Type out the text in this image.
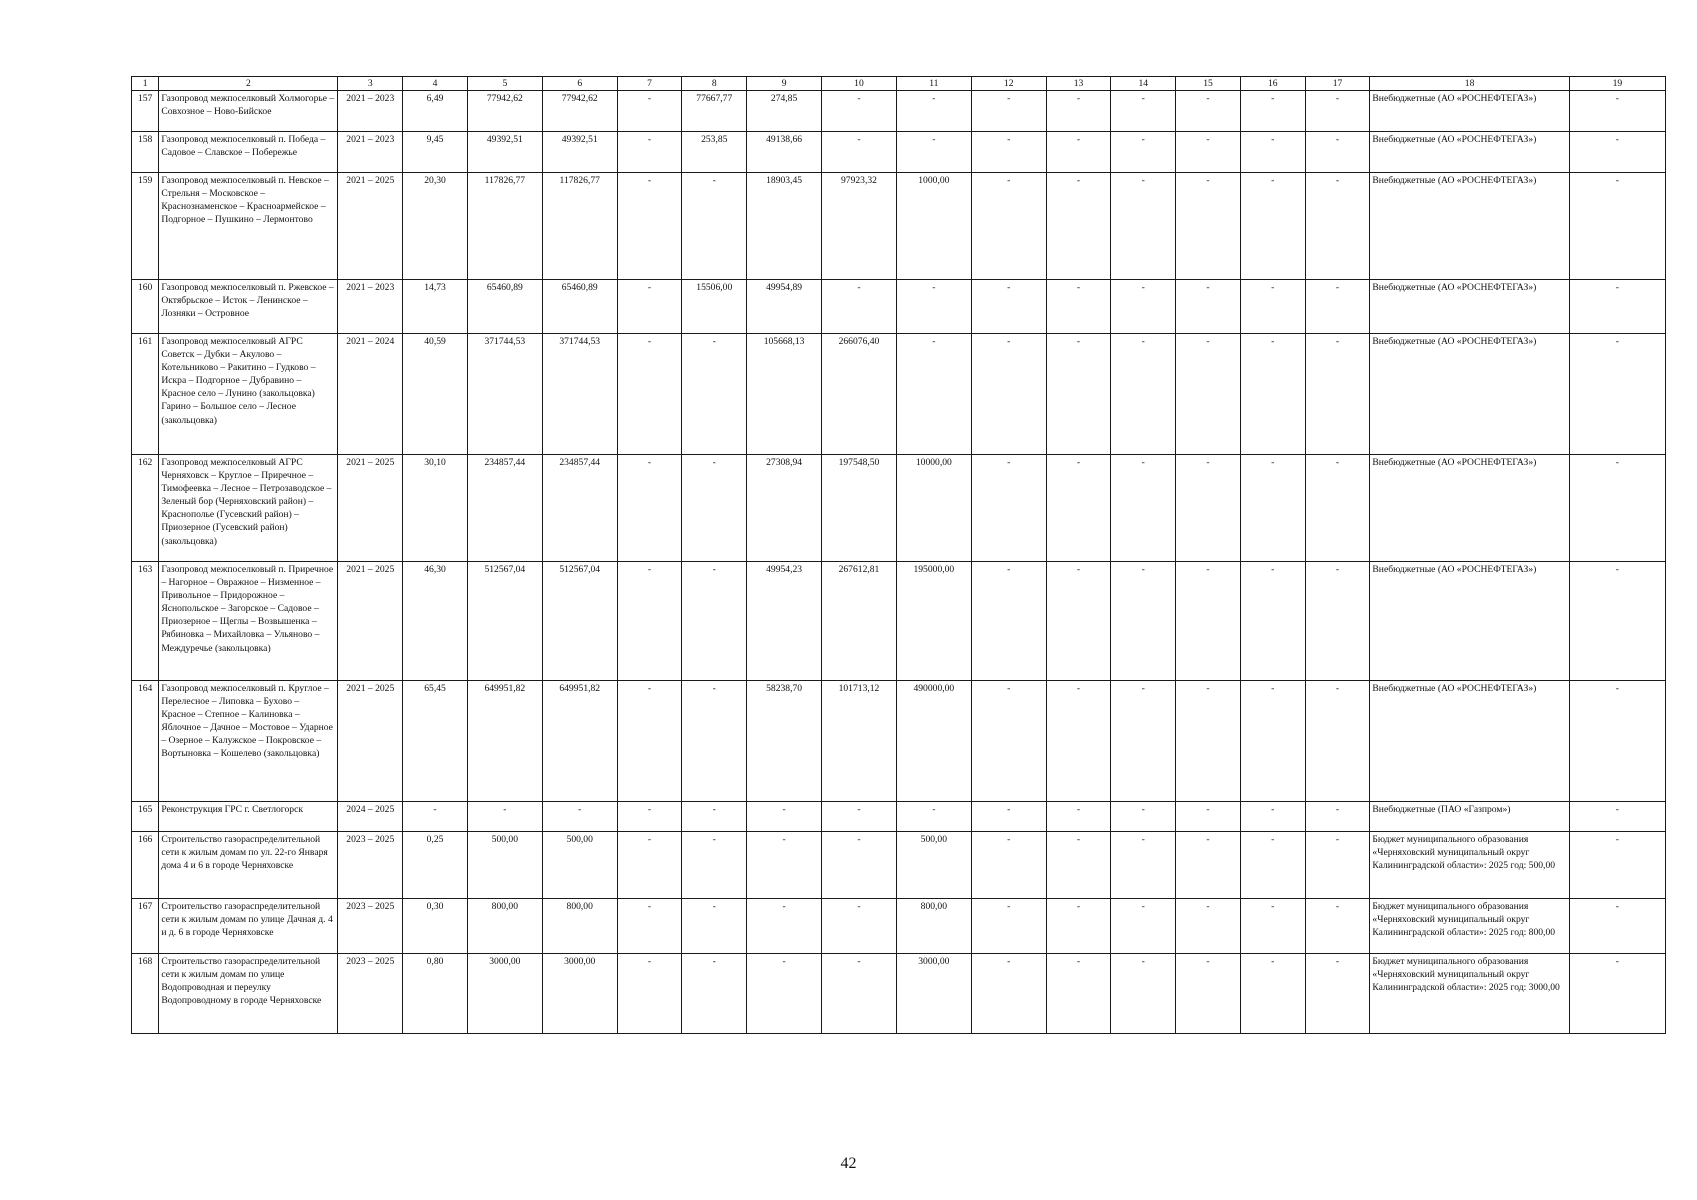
1	2	3	4	5	6	7	8	9	10	11	12	13	14	15	16	17	18	19
157	Газопровод межпоселковый Холмогорье – Совхозное – Ново-Бийское	2021 – 2023	6,49	77942,62	77942,62	-	77667,77	274,85	-	-	-	-	-	-	-	-	Внебюджетные (АО «РОСНЕФТЕГАЗ»)	-
158	Газопровод межпоселковый п. Победа – Садовое – Славское – Побережье	2021 – 2023	9,45	49392,51	49392,51	-	253,85	49138,66	-	-	-	-	-	-	-	-	Внебюджетные (АО «РОСНЕФТЕГАЗ»)	-
159	Газопровод межпоселковый п. Невское – Стрельня – Московское – Краснознаменское – Красноармейское – Подгорное – Пушкино – Лермонтово	2021 – 2025	20,30	117826,77	117826,77	-	-	18903,45	97923,32	1000,00	-	-	-	-	-	-	Внебюджетные (АО «РОСНЕФТЕГАЗ»)	-
160	Газопровод межпоселковый п. Ржевское – Октябрьское – Исток – Ленинское – Лозняки – Островное	2021 – 2023	14,73	65460,89	65460,89	-	15506,00	49954,89	-	-	-	-	-	-	-	-	Внебюджетные (АО «РОСНЕФТЕГАЗ»)	-
161	Газопровод межпоселковый АГРС Советск – Дубки – Акулово – Котельниково – Ракитино – Гудково – Искра – Подгорное – Дубравино – Красное село – Лунино (закольцовка) Гарино – Большое село – Лесное (закольцовка)	2021 – 2024	40,59	371744,53	371744,53	-	-	105668,13	266076,40	-	-	-	-	-	-	-	Внебюджетные (АО «РОСНЕФТЕГАЗ»)	-
162	Газопровод межпоселковый АГРС Черняховск – Круглое – Приречное – Тимофеевка – Лесное – Петрозаводское – Зеленый бор (Черняховский район) – Краснополье (Гусевский район) – Приозерное (Гусевский район) (закольцовка)	2021 – 2025	30,10	234857,44	234857,44	-	-	27308,94	197548,50	10000,00	-	-	-	-	-	-	Внебюджетные (АО «РОСНЕФТЕГАЗ»)	-
163	Газопровод межпоселковый п. Приречное – Нагорное – Овражное – Низменное – Привольное – Придорожное – Яснопольское – Загорское – Садовое – Приозерное – Щеглы – Возвышенка – Рябиновка – Михайловка – Ульяново – Междуречье (закольцовка)	2021 – 2025	46,30	512567,04	512567,04	-	-	49954,23	267612,81	195000,00	-	-	-	-	-	-	Внебюджетные (АО «РОСНЕФТЕГАЗ»)	-
164	Газопровод межпоселковый п. Круглое – Перелесное – Липовка – Бухово – Красное – Степное – Калиновка – Яблочное – Дачное – Мостовое – Ударное – Озерное – Калужское – Покровское – Вортыновка – Кошелево (закольцовка)	2021 – 2025	65,45	649951,82	649951,82	-	-	58238,70	101713,12	490000,00	-	-	-	-	-	-	Внебюджетные (АО «РОСНЕФТЕГАЗ»)	-
165	Реконструкция ГРС г. Светлогорск	2024 – 2025	-	-	-	-	-	-	-	-	-	-	-	-	-	-	Внебюджетные (ПАО «Газпром»)	-
166	Строительство газораспределительной сети к жилым домам по ул. 22-го Января дома 4 и 6 в городе Черняховске	2023 – 2025	0,25	500,00	500,00	-	-	-	-	500,00	-	-	-	-	-	-	Бюджет муниципального образования «Черняховский муниципальный округ Калининградской области»: 2025 год: 500,00	-
167	Строительство газораспределительной сети к жилым домам по улице Дачная д. 4 и д. 6 в городе Черняховске	2023 – 2025	0,30	800,00	800,00	-	-	-	-	800,00	-	-	-	-	-	-	Бюджет муниципального образования «Черняховский муниципальный округ Калининградской области»: 2025 год: 800,00	-
168	Строительство газораспределительной сети к жилым домам по улице Водопроводная и переулку Водопроводному в городе Черняховске	2023 – 2025	0,80	3000,00	3000,00	-	-	-	-	3000,00	-	-	-	-	-	-	Бюджет муниципального образования «Черняховский муниципальный округ Калининградской области»: 2025 год: 3000,00	-
42
